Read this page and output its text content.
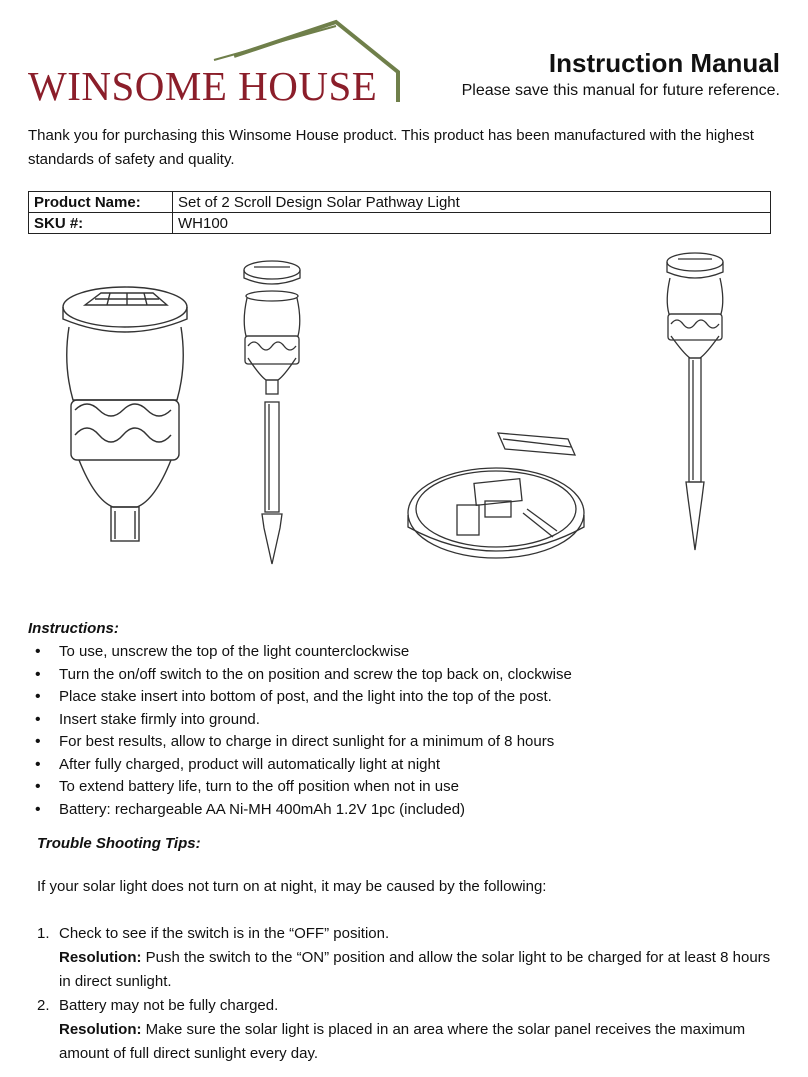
WINSOME HOUSE	Instruction Manual
Please save this manual for future reference.
Thank you for purchasing this Winsome House product. This product has been manufactured with the highest standards of safety and quality.
Product Name:	Set of 2 Scroll Design Solar Pathway Light
SKU #:	WH100
Instructions:
• To use, unscrew the top of the light counterclockwise
• Turn the on/off switch to the on position and screw the top back on, clockwise
• Place stake insert into bottom of post, and the light into the top of the post.
• Insert stake firmly into ground.
• For best results, allow to charge in direct sunlight for a minimum of 8 hours
• After fully charged, product will automatically light at night
• To extend battery life, turn to the off position when not in use
• Battery: rechargeable AA Ni-MH 400mAh 1.2V 1pc (included)
Trouble Shooting Tips:
If your solar light does not turn on at night, it may be caused by the following:
1. Check to see if the switch is in the “OFF” position.
Resolution: Push the switch to the “ON” position and allow the solar light to be charged for at least 8 hours in direct sunlight.
2. Battery may not be fully charged.
Resolution: Make sure the solar light is placed in an area where the solar panel receives the maximum amount of full direct sunlight every day.
